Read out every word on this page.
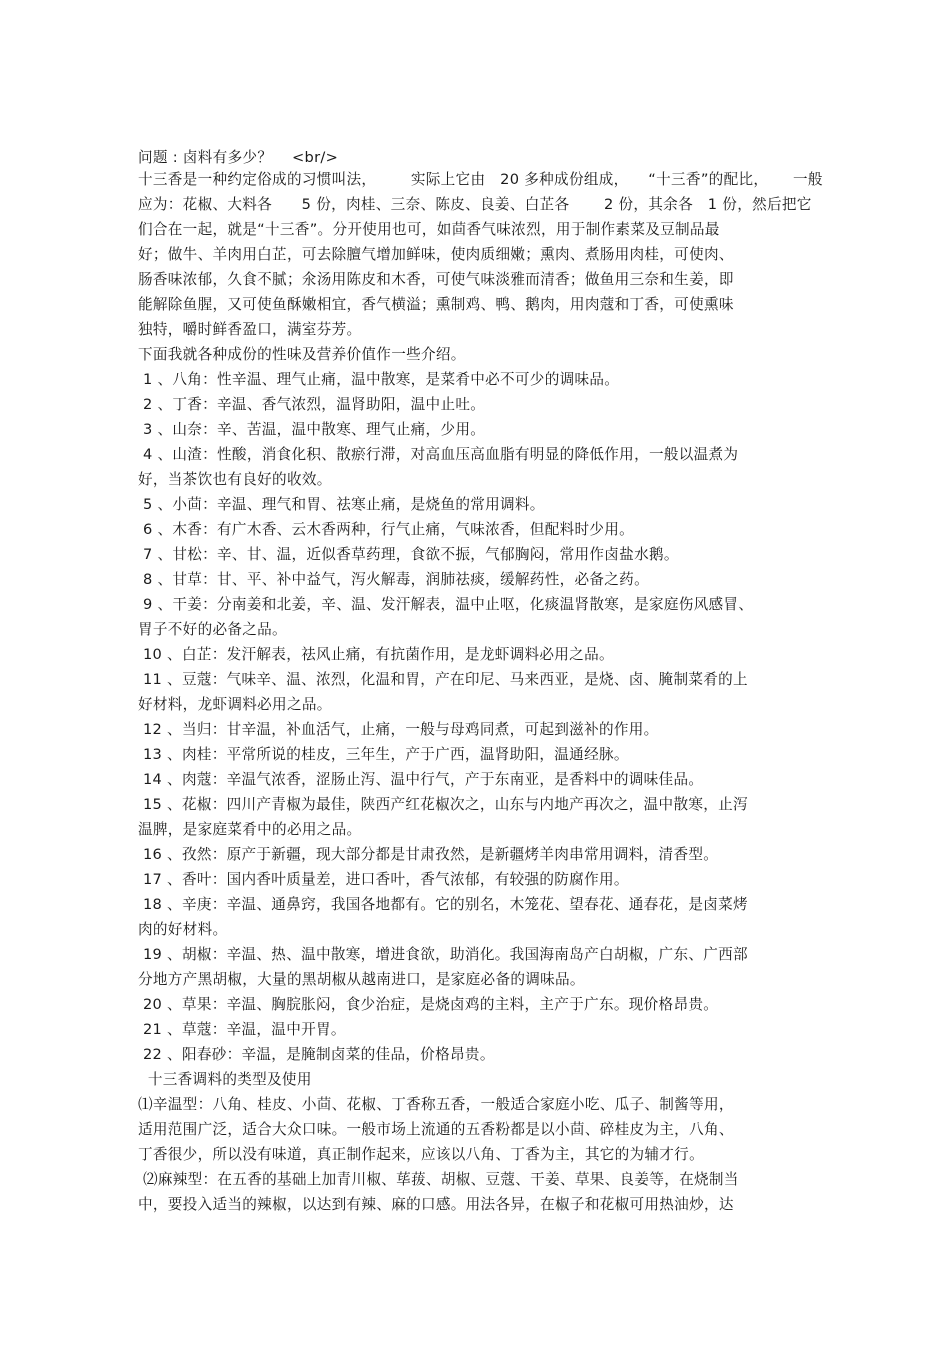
问题 : 卤料有多少？    <br/>
十三香是一种约定俗成的习惯叫法，       实际上它由   20 多种成份组成，    “十三香”的配比，     一般
应为：花椒、大料各      5 份，肉桂、三奈、陈皮、良姜、白芷各       2 份，其余各   1 份，然后把它
们合在一起，就是“十三香”。分开使用也可，如茴香气味浓烈，用于制作素菜及豆制品最
好；做牛、羊肉用白芷，可去除膻气增加鲜味，使肉质细嫩；熏肉、煮肠用肉桂，可使肉、
肠香味浓郁，久食不腻；氽汤用陈皮和木香，可使气味淡雅而清香；做鱼用三奈和生姜，即
能解除鱼腥，又可使鱼酥嫩相宜，香气横溢；熏制鸡、鸭、鹅肉，用肉蔻和丁香，可使熏味
独特，嚼时鲜香盈口，满室芬芳。
下面我就各种成份的性味及营养价值作一些介绍。
1 、八角：性辛温、理气止痛，温中散寒，是菜肴中必不可少的调味品。
2 、丁香：辛温、香气浓烈，温肾助阳，温中止吐。
3 、山奈：辛、苦温，温中散寒、理气止痛，少用。
4 、山渣：性酸，消食化积、散瘀行滞，对高血压高血脂有明显的降低作用，一般以温煮为
好，当茶饮也有良好的收效。
5 、小茴：辛温、理气和胃、祛寒止痛，是烧鱼的常用调料。
6 、木香：有广木香、云木香两种，行气止痛，气味浓香，但配料时少用。
7 、甘松：辛、甘、温，近似香草药理，食欲不振，气郁胸闷，常用作卤盐水鹅。
8 、甘草：甘、平、补中益气，泻火解毒，润肺祛痰，缓解药性，必备之药。
9 、干姜：分南姜和北姜，辛、温、发汗解表，温中止呕，化痰温肾散寒，是家庭伤风感冒、
胃子不好的必备之品。
10 、白芷：发汗解表，祛风止痛，有抗菌作用，是龙虾调料必用之品。
11 、豆蔻：气味辛、温、浓烈，化温和胃，产在印尼、马来西亚，是烧、卤、腌制菜肴的上
好材料，龙虾调料必用之品。
12 、当归：甘辛温，补血活气，止痛，一般与母鸡同煮，可起到滋补的作用。
13 、肉桂：平常所说的桂皮，三年生，产于广西，温肾助阳，温通经脉。
14 、肉蔻：辛温气浓香，涩肠止泻、温中行气，产于东南亚，是香料中的调味佳品。
15 、花椒：四川产青椒为最佳，陕西产红花椒次之，山东与内地产再次之，温中散寒，止泻
温脾，是家庭菜肴中的必用之品。
16 、孜然：原产于新疆，现大部分都是甘肃孜然，是新疆烤羊肉串常用调料，清香型。
17 、香叶：国内香叶质量差，进口香叶，香气浓郁，有较强的防腐作用。
18 、辛庚：辛温、通鼻窍，我国各地都有。它的别名，木笼花、望春花、通春花，是卤菜烤
肉的好材料。
19 、胡椒：辛温、热、温中散寒，增进食欲，助消化。我国海南岛产白胡椒，广东、广西部
分地方产黑胡椒，大量的黑胡椒从越南进口，是家庭必备的调味品。
20 、草果：辛温、胸脘胀闷，食少治症，是烧卤鸡的主料，主产于广东。现价格昂贵。
21 、草蔻：辛温，温中开胃。
22 、阳春砂：辛温，是腌制卤菜的佳品，价格昂贵。
十三香调料的类型及使用
⑴辛温型：八角、桂皮、小茴、花椒、丁香称五香，一般适合家庭小吃、瓜子、制酱等用，
适用范围广泛，适合大众口味。一般市场上流通的五香粉都是以小茴、碎桂皮为主，八角、
丁香很少，所以没有味道，真正制作起来，应该以八角、丁香为主，其它的为辅才行。
⑵麻辣型：在五香的基础上加青川椒、荜菝、胡椒、豆蔻、干姜、草果、良姜等，在烧制当
中，要投入适当的辣椒，以达到有辣、麻的口感。用法各异，在椒子和花椒可用热油炒，达
